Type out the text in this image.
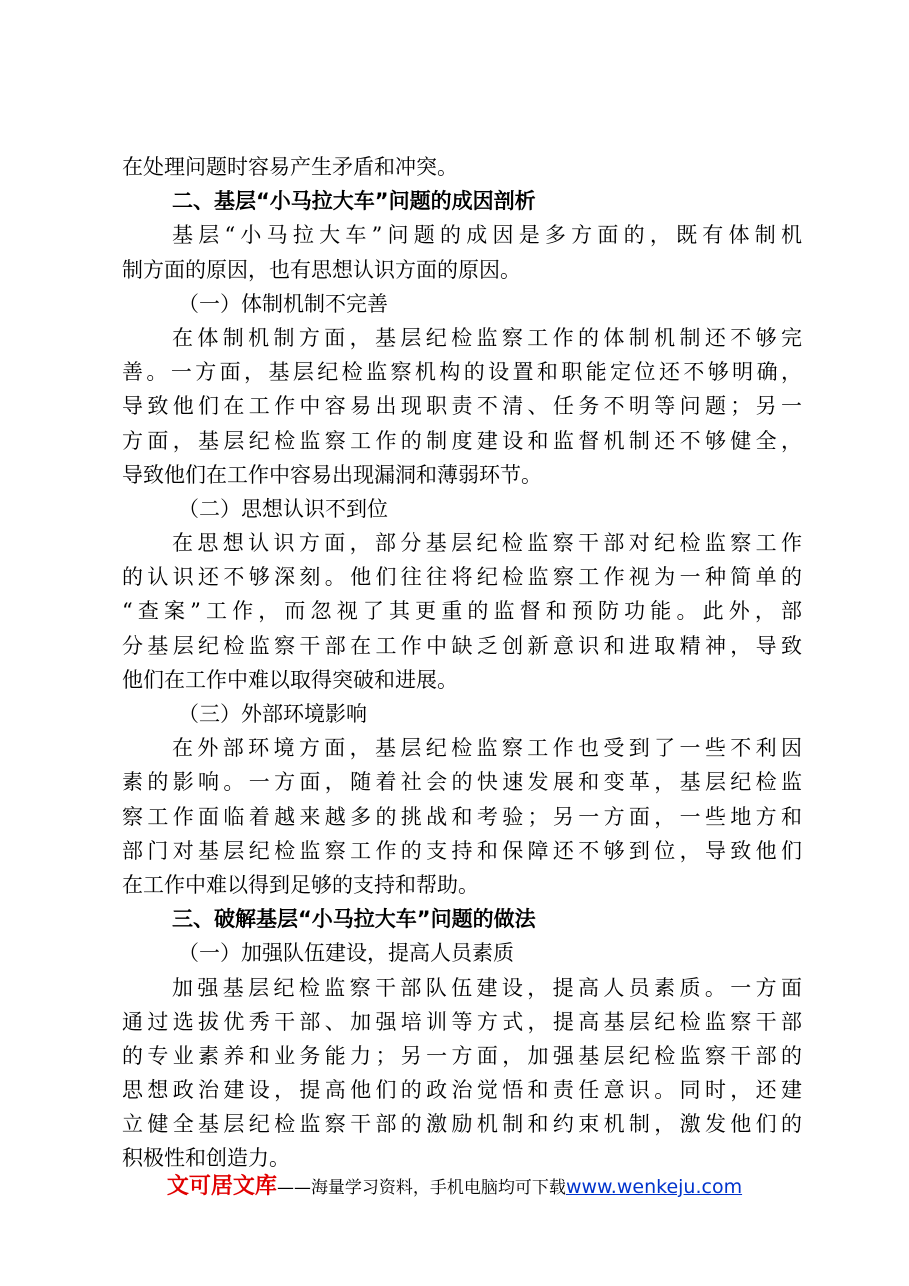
在处理问题时容易产生矛盾和冲突。
二、基层“小马拉大车”问题的成因剖析
基层“小马拉大车”问题的成因是多方面的，既有体制机
制方面的原因，也有思想认识方面的原因。
（一）体制机制不完善
在体制机制方面，基层纪检监察工作的体制机制还不够完
善。一方面，基层纪检监察机构的设置和职能定位还不够明确，
导致他们在工作中容易出现职责不清、任务不明等问题；另一
方面，基层纪检监察工作的制度建设和监督机制还不够健全，
导致他们在工作中容易出现漏洞和薄弱环节。
（二）思想认识不到位
在思想认识方面，部分基层纪检监察干部对纪检监察工作
的认识还不够深刻。他们往往将纪检监察工作视为一种简单的
“查案”工作，而忽视了其更重的监督和预防功能。此外，部
分基层纪检监察干部在工作中缺乏创新意识和进取精神，导致
他们在工作中难以取得突破和进展。
（三）外部环境影响
在外部环境方面，基层纪检监察工作也受到了一些不利因
素的影响。一方面，随着社会的快速发展和变革，基层纪检监
察工作面临着越来越多的挑战和考验；另一方面，一些地方和
部门对基层纪检监察工作的支持和保障还不够到位，导致他们
在工作中难以得到足够的支持和帮助。
三、破解基层“小马拉大车”问题的做法
（一）加强队伍建设，提高人员素质
加强基层纪检监察干部队伍建设，提高人员素质。一方面
通过选拔优秀干部、加强培训等方式，提高基层纪检监察干部
的专业素养和业务能力；另一方面，加强基层纪检监察干部的
思想政治建设，提高他们的政治觉悟和责任意识。同时，还建
立健全基层纪检监察干部的激励机制和约束机制，激发他们的
积极性和创造力。
文可居文库——海量学习资料，手机电脑均可下载www.wenkeju.com
